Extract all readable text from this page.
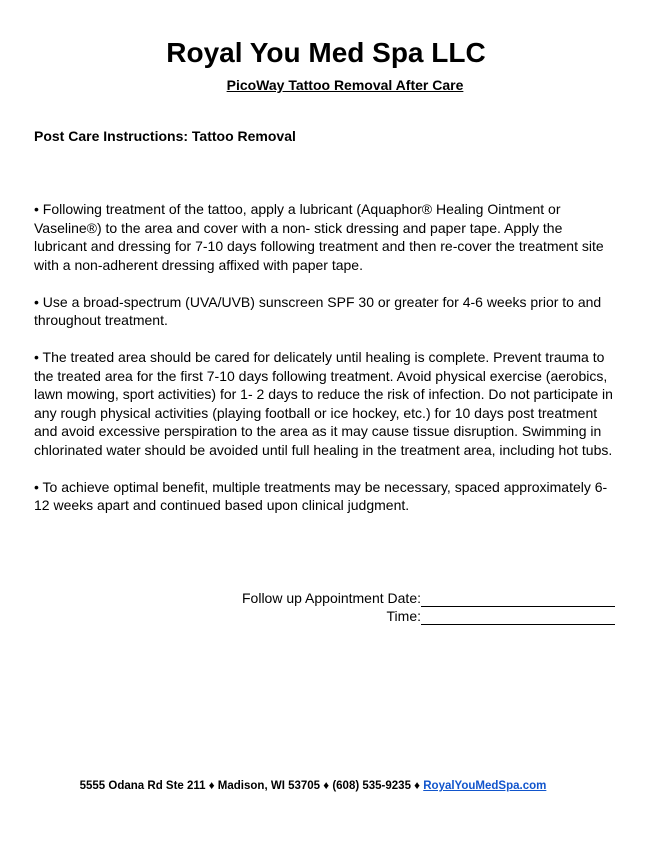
Royal You Med Spa LLC
PicoWay Tattoo Removal After Care
Post Care Instructions: Tattoo Removal

• Following treatment of the tattoo, apply a lubricant (Aquaphor® Healing Ointment or Vaseline®) to the area and cover with a non- stick dressing and paper tape. Apply the lubricant and dressing for 7-10 days following treatment and then re-cover the treatment site with a non-adherent dressing affixed with paper tape.

• Use a broad-spectrum (UVA/UVB) sunscreen SPF 30 or greater for 4-6 weeks prior to and throughout treatment.

• The treated area should be cared for delicately until healing is complete. Prevent trauma to the treated area for the first 7-10 days following treatment. Avoid physical exercise (aerobics, lawn mowing, sport activities) for 1- 2 days to reduce the risk of infection. Do not participate in any rough physical activities (playing football or ice hockey, etc.) for 10 days post treatment and avoid excessive perspiration to the area as it may cause tissue disruption. Swimming in chlorinated water should be avoided until full healing in the treatment area, including hot tubs.

• To achieve optimal benefit, multiple treatments may be necessary, spaced approximately 6-12 weeks apart and continued based upon clinical judgment.

Follow up Appointment Date:
Time:
5555 Odana Rd Ste 211 ♦ Madison, WI 53705 ♦ (608) 535-9235 ♦ RoyalYouMedSpa.com
